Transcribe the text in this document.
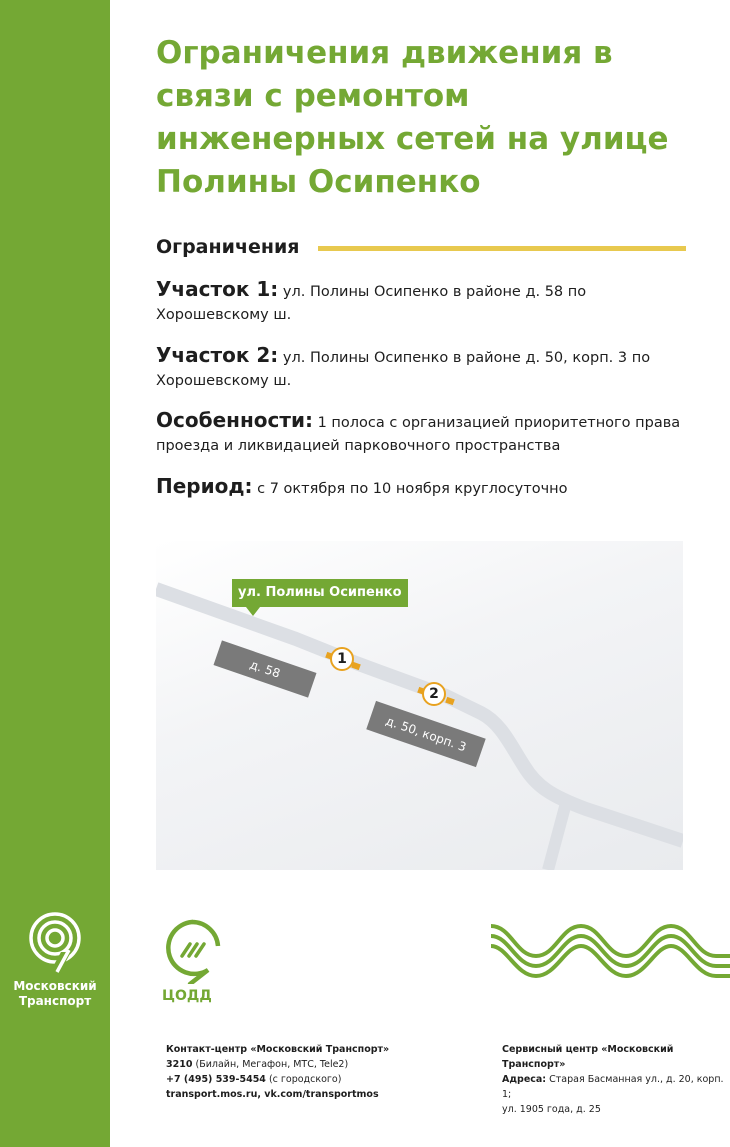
Московский
Транспорт
Ограничения движения в связи с ремонтом инженерных сетей на улице Полины Осипенко
Ограничения

Участок 1: ул. Полины Осипенко в районе д. 58 по Хорошевскому ш.

Участок 2: ул. Полины Осипенко в районе д. 50, корп. 3 по Хорошевскому ш.

Особенности: 1 полоса с организацией приоритетного права проезда и ликвидацией парковочного пространства

Период: с 7 октября по 10 ноября круглосуточно

ул. Полины Осипенко
д. 58
д. 50, корп. 3
1
2
ЦОДД
Контакт-центр «Московский Транспорт»
3210 (Билайн, Мегафон, МТС, Tele2)
+7 (495) 539-5454 (с городского)
transport.mos.ru, vk.com/transportmos
Сервисный центр «Московский Транспорт»
Адреса: Старая Басманная ул., д. 20, корп. 1;
ул. 1905 года, д. 25
